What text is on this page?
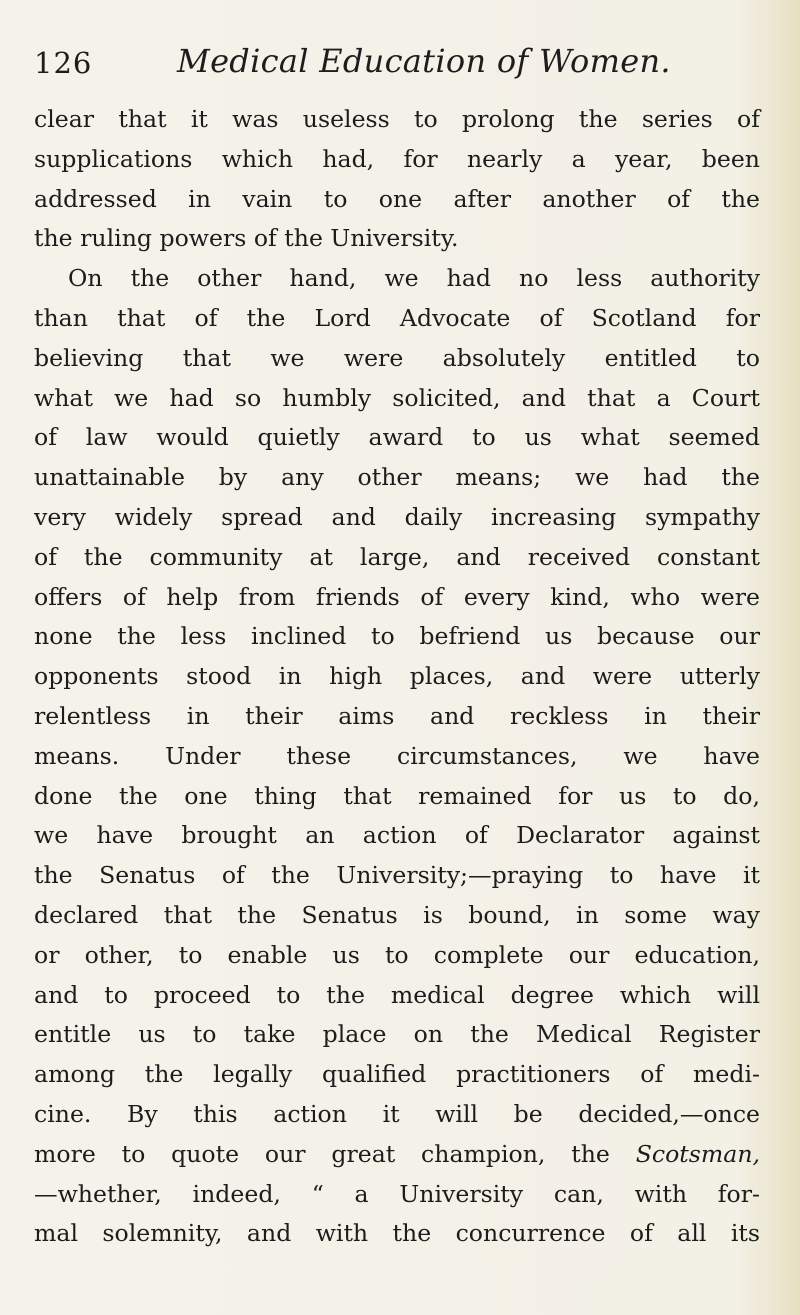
126	Medical Education of Women.
clear that it was useless to prolong the series of
supplications which had, for nearly a year, been
addressed in vain to one after another of the
the ruling powers of the University.
On the other hand, we had no less authority
than that of the Lord Advocate of Scotland for
believing that we were absolutely entitled to
what we had so humbly solicited, and that a Court
of law would quietly award to us what seemed
unattainable by any other means; we had the
very widely spread and daily increasing sympathy
of the community at large, and received constant
offers of help from friends of every kind, who were
none the less inclined to befriend us because our
opponents stood in high places, and were utterly
relentless in their aims and reckless in their
means. Under these circumstances, we have
done the one thing that remained for us to do,
we have brought an action of Declarator against
the Senatus of the University;—praying to have it
declared that the Senatus is bound, in some way
or other, to enable us to complete our education,
and to proceed to the medical degree which will
entitle us to take place on the Medical Register
among the legally qualified practitioners of medi-
cine. By this action it will be decided,—once
more to quote our great champion, the Scotsman,
—whether, indeed, “ a University can, with for-
mal solemnity, and with the concurrence of all its
